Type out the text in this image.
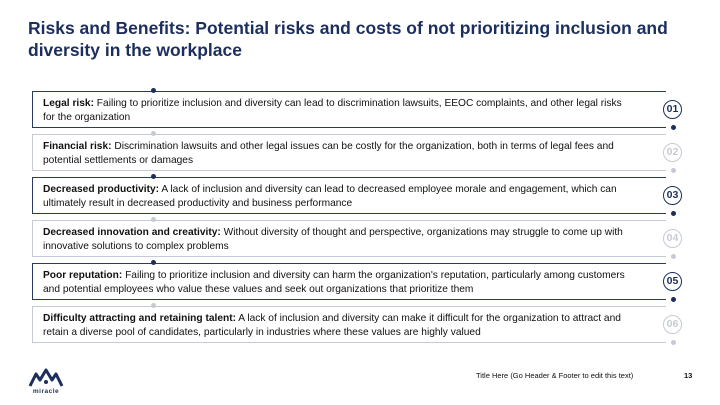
Risks and Benefits: Potential risks and costs of not prioritizing inclusion and diversity in the workplace
Legal risk: Failing to prioritize inclusion and diversity can lead to discrimination lawsuits, EEOC complaints, and other legal risks for the organization
01
Financial risk: Discrimination lawsuits and other legal issues can be costly for the organization, both in terms of legal fees and potential settlements or damages
02
Decreased productivity: A lack of inclusion and diversity can lead to decreased employee morale and engagement, which can ultimately result in decreased productivity and business performance
03
Decreased innovation and creativity: Without diversity of thought and perspective, organizations may struggle to come up with innovative solutions to complex problems
04
Poor reputation: Failing to prioritize inclusion and diversity can harm the organization's reputation, particularly among customers and potential employees who value these values and seek out organizations that prioritize them
05
Difficulty attracting and retaining talent: A lack of inclusion and diversity can make it difficult for the organization to attract and retain a diverse pool of candidates, particularly in industries where these values are highly valued
06
miracle
Title Here (Go Header & Footer to edit this text)	13
